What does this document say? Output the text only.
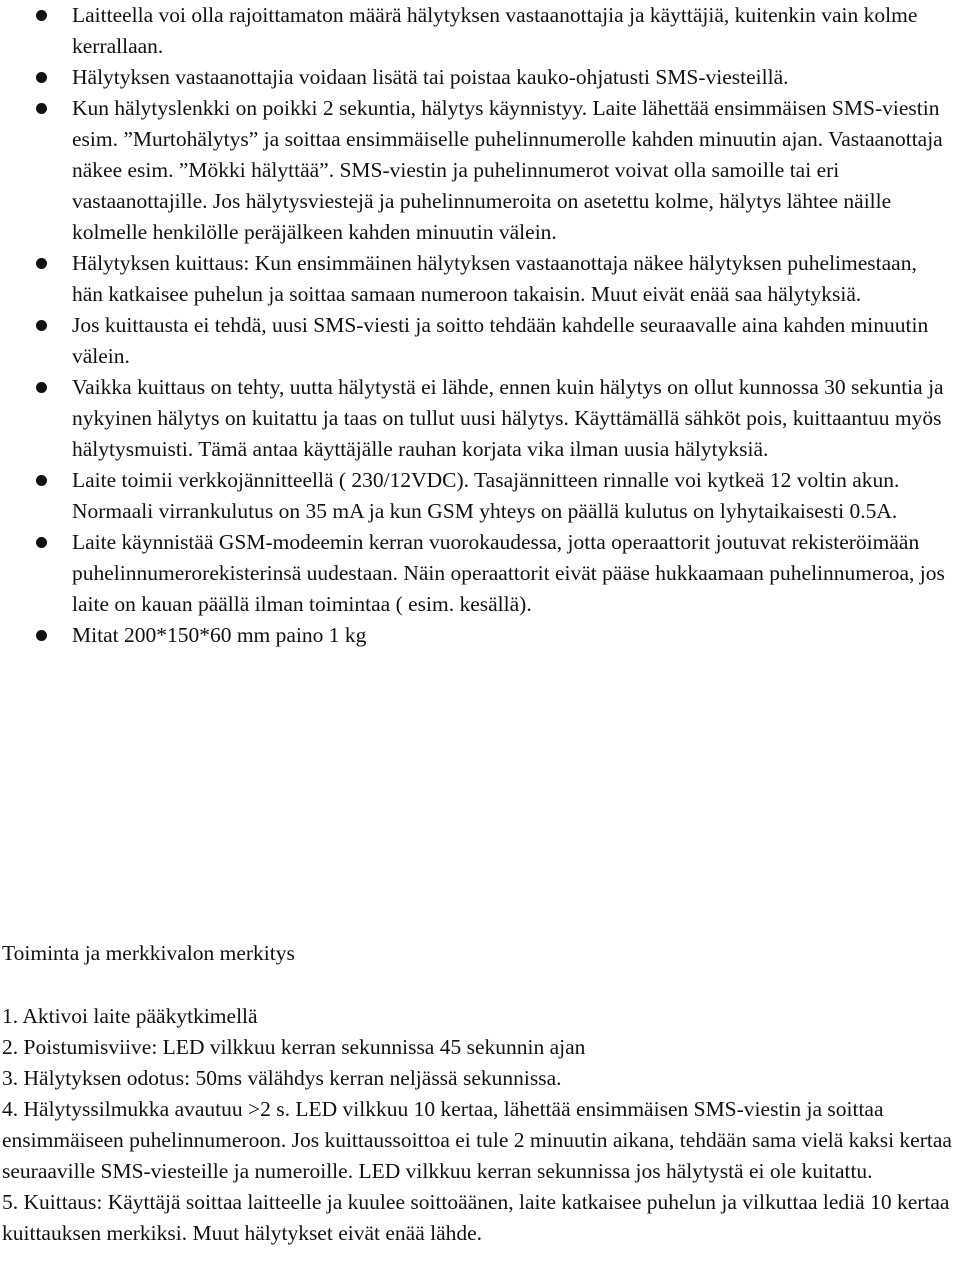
Laitteella voi olla rajoittamaton määrä hälytyksen vastaanottajia ja käyttäjiä, kuitenkin vain kolme kerrallaan.
Hälytyksen vastaanottajia voidaan lisätä tai poistaa kauko-ohjatusti SMS-viesteillä.
Kun hälytyslenkki on poikki 2 sekuntia, hälytys käynnistyy. Laite lähettää ensimmäisen SMS-viestin esim. ”Murtohälytys” ja soittaa ensimmäiselle puhelinnumerolle kahden minuutin ajan. Vastaanottaja näkee esim. ”Mökki hälyttää”. SMS-viestin ja puhelinnumerot voivat olla samoille tai eri vastaanottajille. Jos hälytysviestejä ja puhelinnumeroita on asetettu kolme, hälytys lähtee näille kolmelle henkilölle peräjälkeen kahden minuutin välein.
Hälytyksen kuittaus: Kun ensimmäinen hälytyksen vastaanottaja näkee hälytyksen puhelimestaan, hän katkaisee puhelun ja soittaa samaan numeroon takaisin. Muut eivät enää saa hälytyksiä.
Jos kuittausta ei tehdä, uusi SMS-viesti ja soitto tehdään kahdelle seuraavalle aina kahden minuutin välein.
Vaikka kuittaus on tehty, uutta hälytystä ei lähde, ennen kuin hälytys on ollut kunnossa 30 sekuntia ja nykyinen hälytys on kuitattu ja taas on tullut uusi hälytys. Käyttämällä sähköt pois, kuittaantuu myös hälytysmuisti. Tämä antaa käyttäjälle rauhan korjata vika ilman uusia hälytyksiä.
Laite toimii verkkojännitteellä ( 230/12VDC). Tasajännitteen rinnalle voi kytkeä 12 voltin akun. Normaali virrankulutus on 35 mA ja kun GSM yhteys on päällä kulutus on lyhytaikaisesti 0.5A.
Laite käynnistää GSM-modeemin kerran vuorokaudessa, jotta operaattorit joutuvat rekisteröimään puhelinnumerorekisterinsä uudestaan. Näin operaattorit eivät pääse hukkaamaan puhelinnumeroa, jos laite on kauan päällä ilman toimintaa ( esim. kesällä).
Mitat 200*150*60 mm paino 1 kg
Toiminta ja merkkivalon merkitys
1. Aktivoi laite pääkytkimellä
2. Poistumisviive: LED vilkkuu kerran sekunnissa 45 sekunnin ajan
3. Hälytyksen odotus: 50ms välähdys kerran neljässä sekunnissa.
4. Hälytyssilmukka avautuu >2 s. LED vilkkuu 10 kertaa, lähettää ensimmäisen SMS-viestin ja soittaa ensimmäiseen puhelinnumeroon. Jos kuittaussoittoa ei tule 2 minuutin aikana, tehdään sama vielä kaksi kertaa seuraaville SMS-viesteille ja numeroille. LED vilkkuu kerran sekunnissa jos hälytystä ei ole kuitattu.
5. Kuittaus: Käyttäjä soittaa laitteelle ja kuulee soittoäänen, laite katkaisee puhelun ja vilkuttaa lediä 10 kertaa kuittauksen merkiksi. Muut hälytykset eivät enää lähde.
